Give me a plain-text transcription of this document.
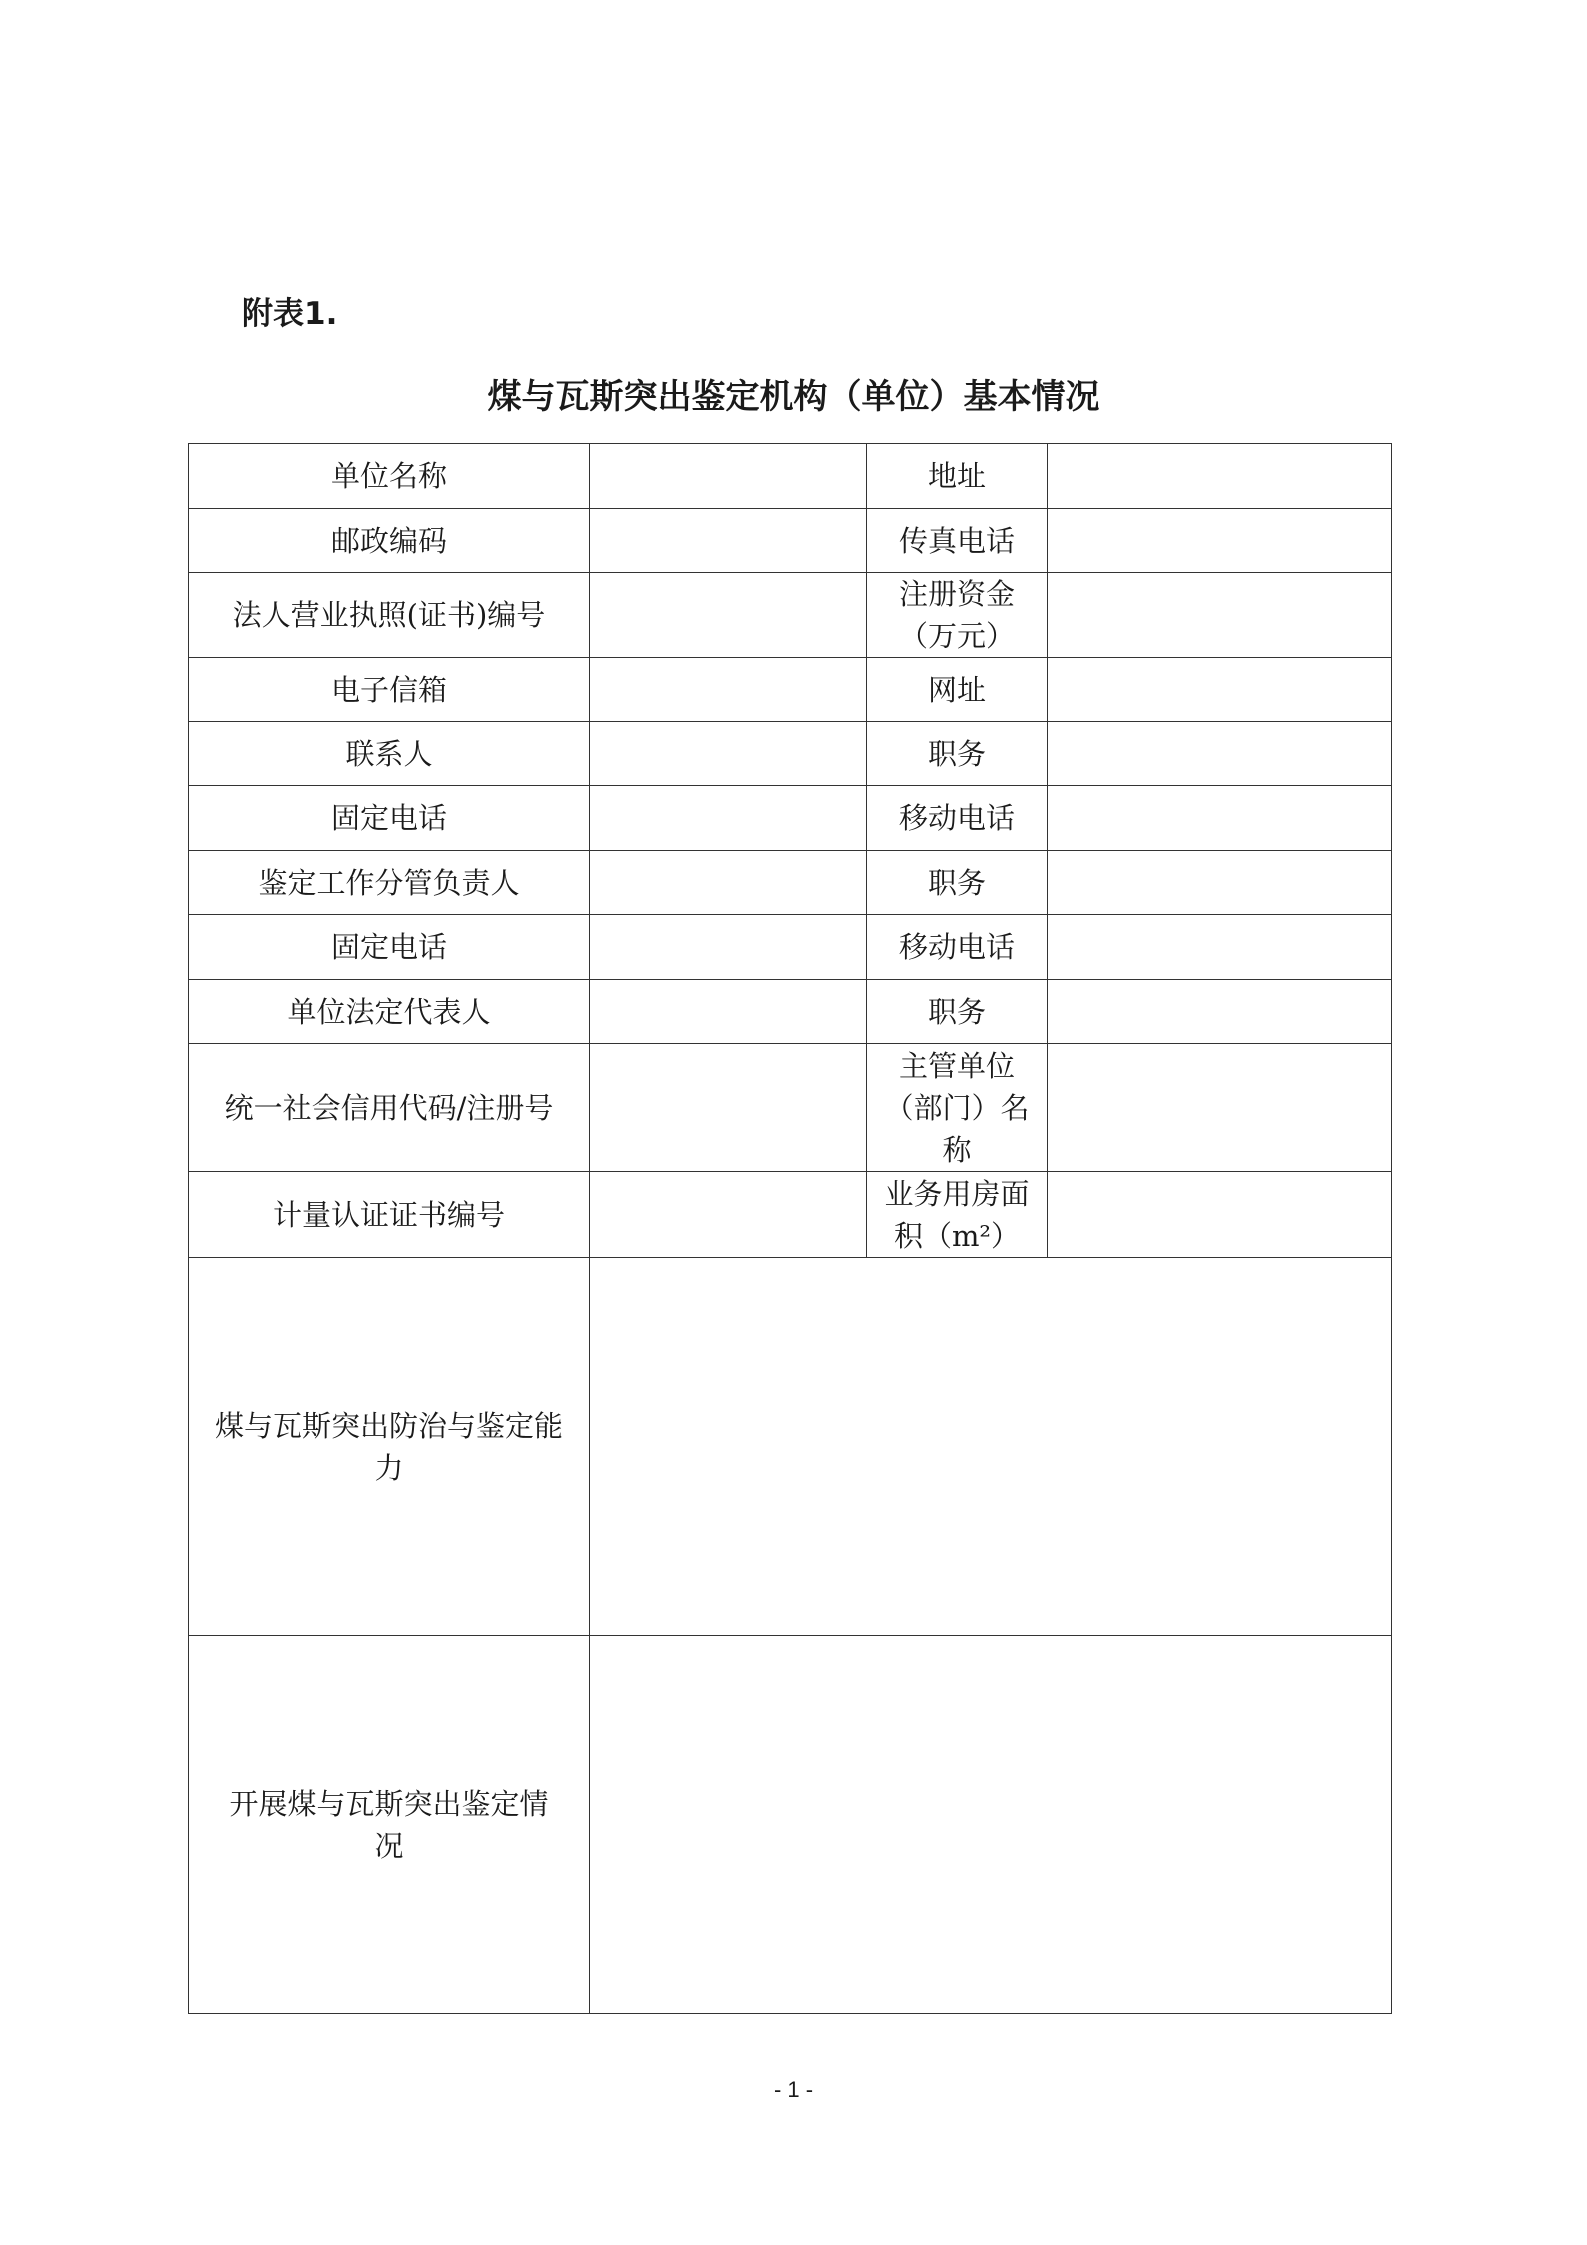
附表1.
煤与瓦斯突出鉴定机构（单位）基本情况
单位名称		地址	
邮政编码		传真电话	
法人营业执照(证书)编号		注册资金（万元）	
电子信箱		网址	
联系人		职务	
固定电话		移动电话	
鉴定工作分管负责人		职务	
固定电话		移动电话	
单位法定代表人		职务	
统一社会信用代码/注册号		主管单位（部门）名称	
计量认证证书编号		业务用房面积（m²）	
煤与瓦斯突出防治与鉴定能力			
开展煤与瓦斯突出鉴定情况			
- 1 -
